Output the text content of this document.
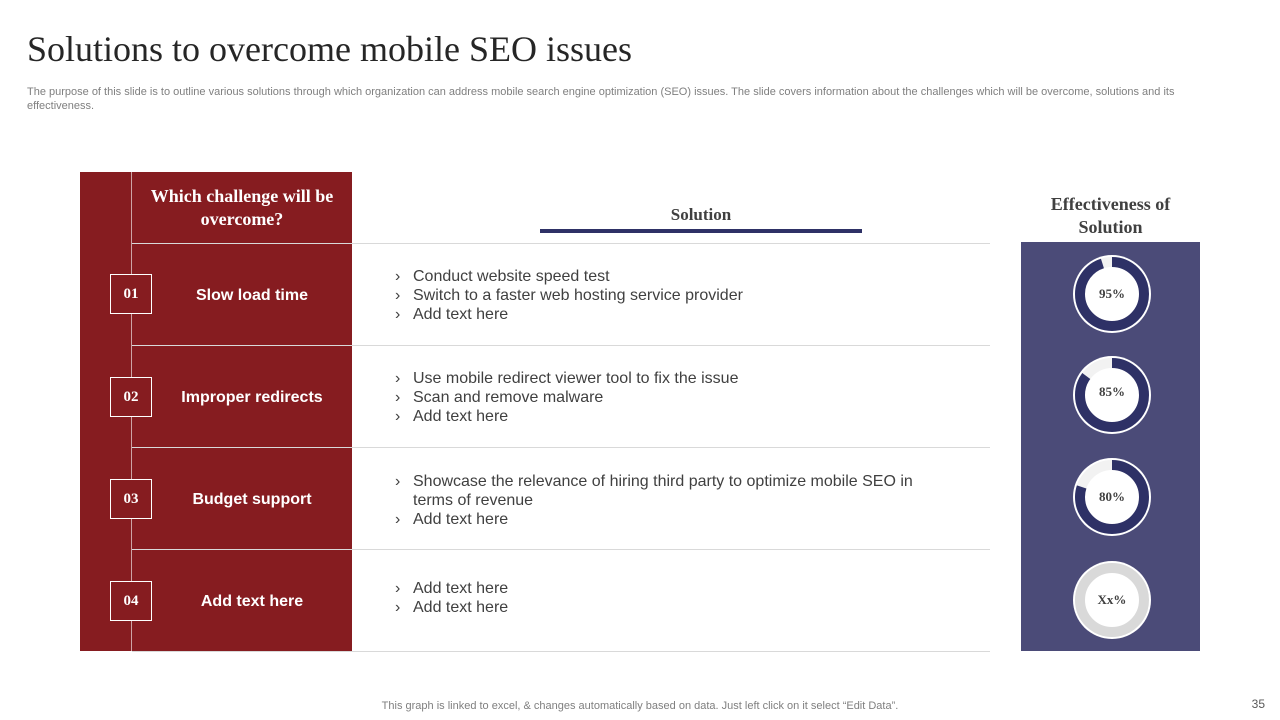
Solutions to overcome mobile SEO issues
The purpose of this slide is to outline various solutions through which organization can address mobile search engine optimization (SEO) issues. The slide covers information about the challenges which will be overcome, solutions and its effectiveness.
Which challenge will be overcome?	Solution
Effectiveness of Solution
01	Slow load time
› Conduct website speed test
› Switch to a faster web hosting service provider
› Add text here
95%
02	Improper redirects
› Use mobile redirect viewer tool to fix the issue
› Scan and remove malware
› Add text here
85%
03	Budget support
› Showcase the relevance of hiring third party to optimize mobile SEO in terms of revenue
› Add text here
80%
04	Add text here
› Add text here
› Add text here	Xx%
This graph is linked to excel, & changes automatically based on data. Just left click on it select “Edit Data”.	35
